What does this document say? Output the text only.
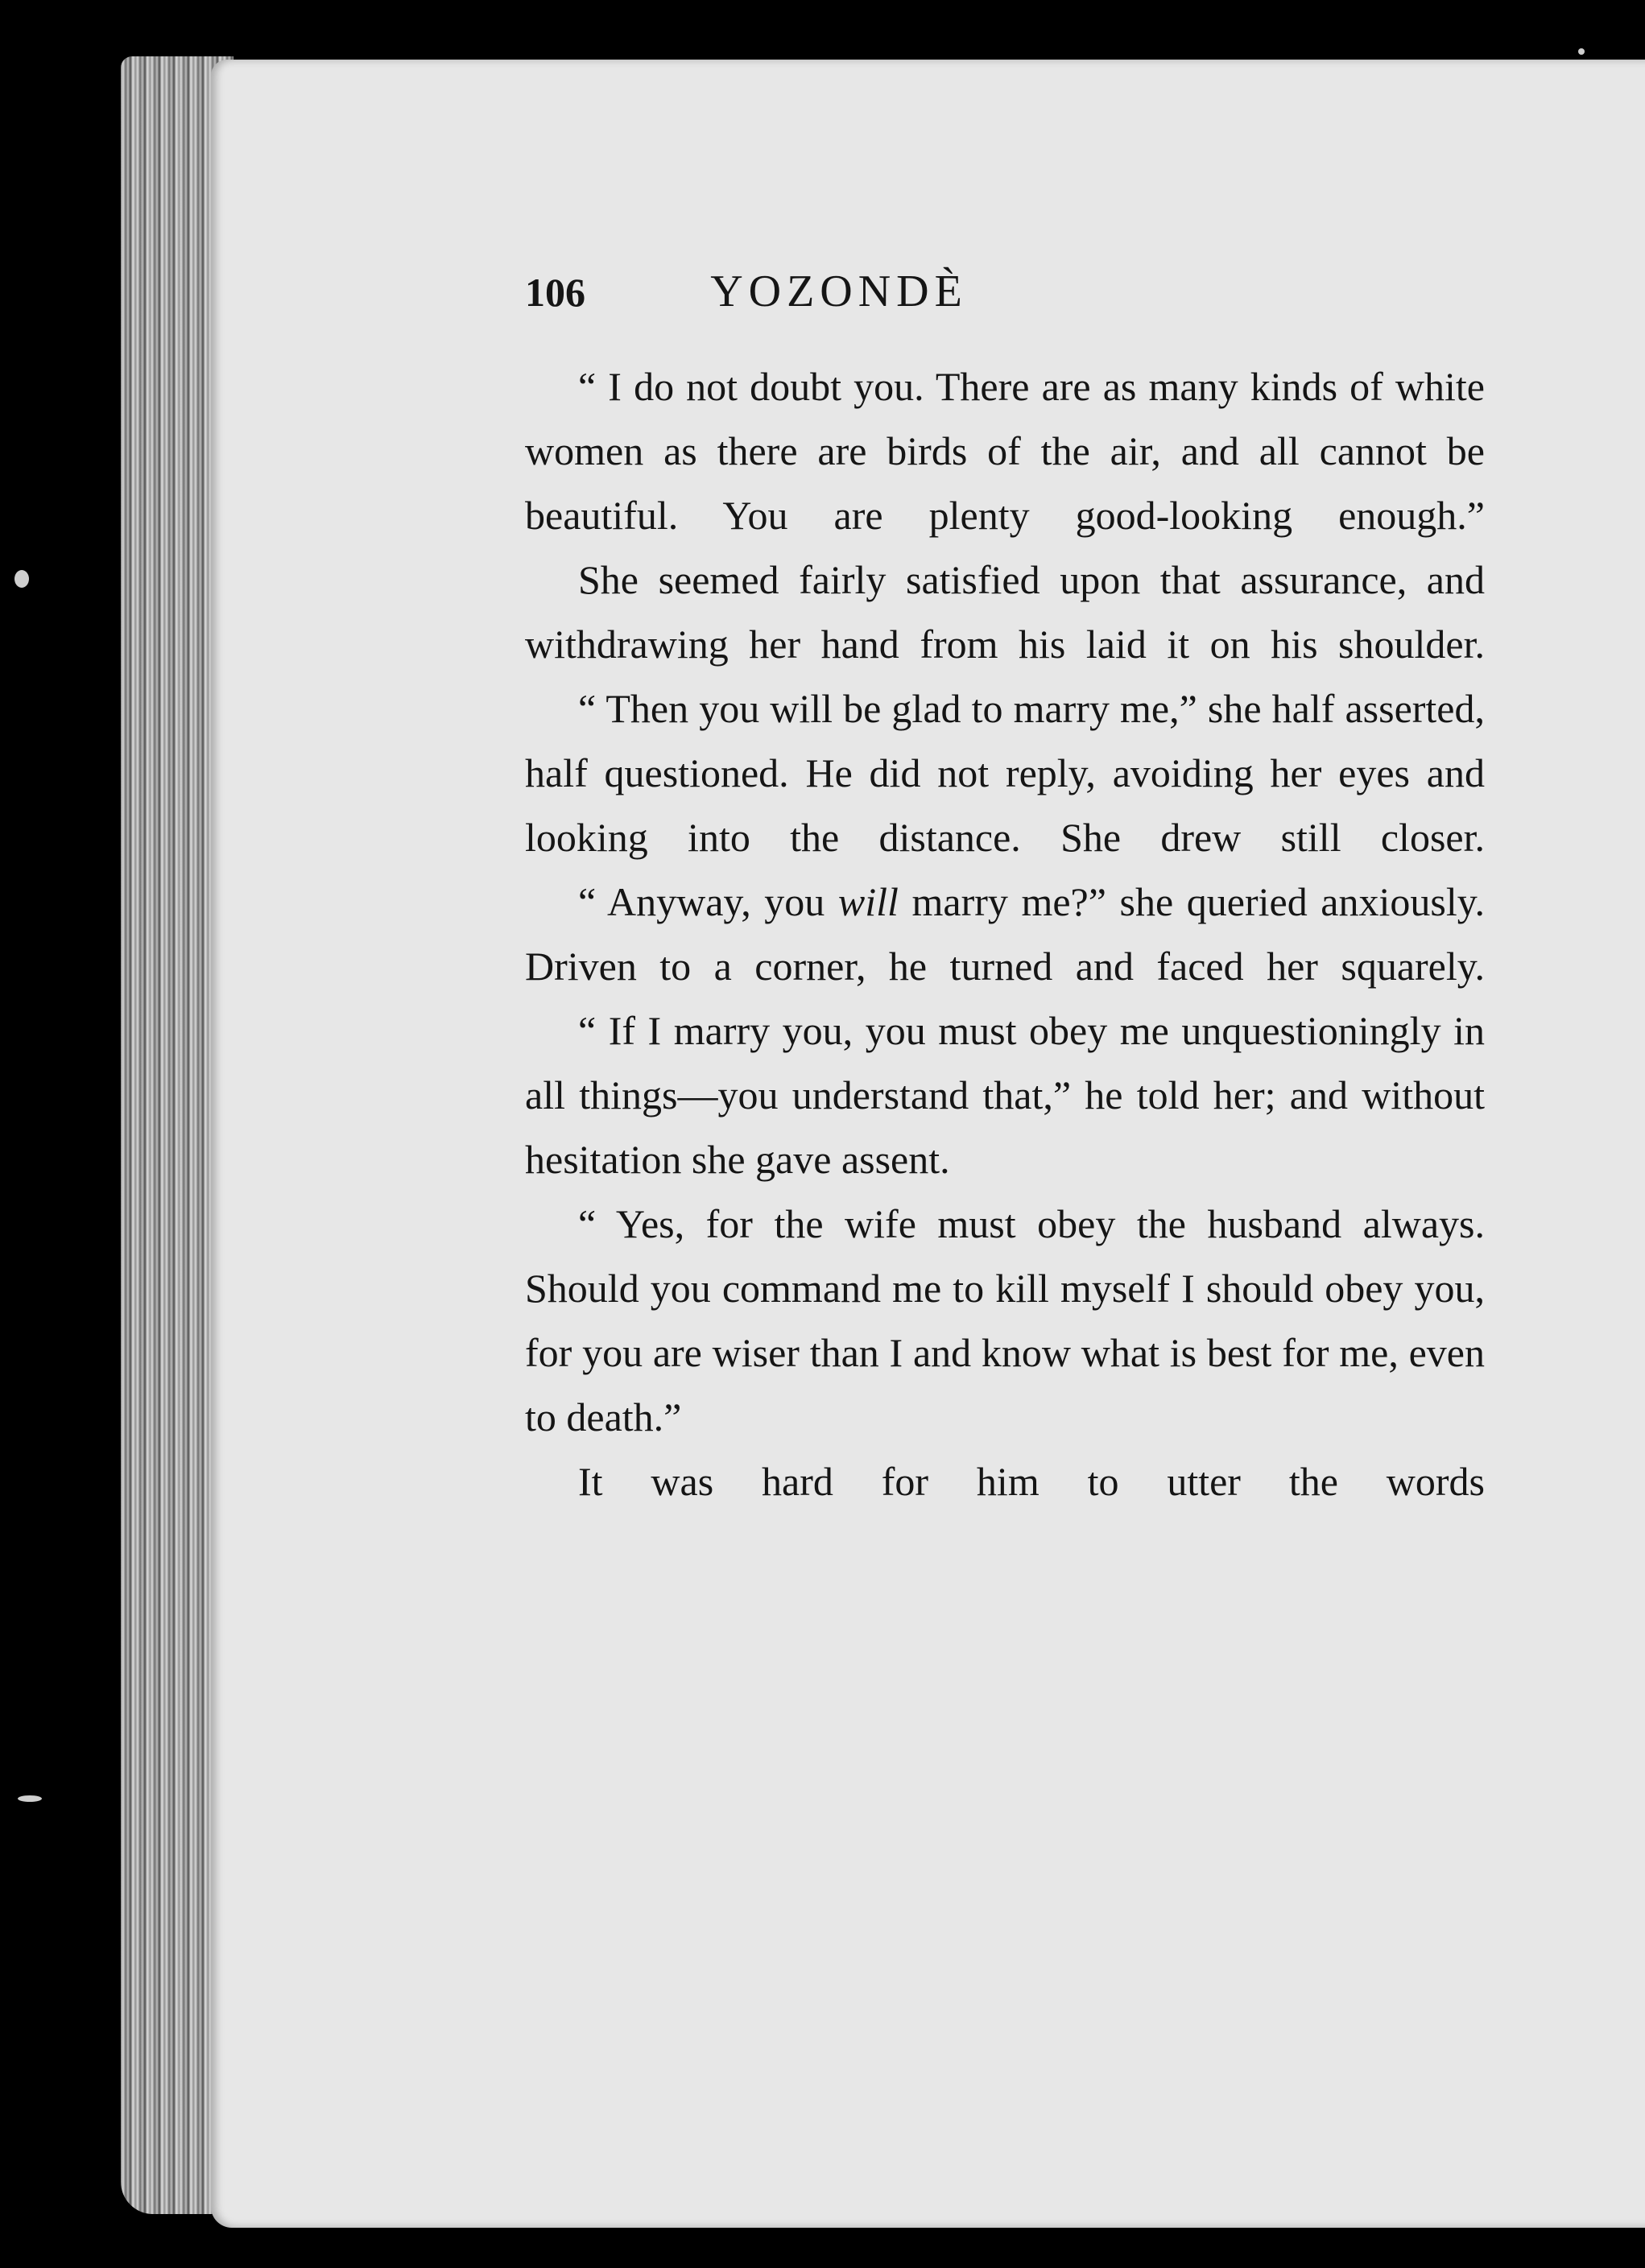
106	YOZONDÈ

“ I do not doubt you. There are as many kinds of white women as there are birds of the air, and all cannot be beautiful. You are plenty good-looking enough.”

She seemed fairly satisfied upon that assurance, and withdrawing her hand from his laid it on his shoulder.

“ Then you will be glad to marry me,” she half asserted, half questioned. He did not reply, avoiding her eyes and looking into the distance. She drew still closer.

“ Anyway, you will marry me?” she queried anxiously. Driven to a corner, he turned and faced her squarely.

“ If I marry you, you must obey me unquestioningly in all things—you understand that,” he told her; and without hesitation she gave assent.

“ Yes, for the wife must obey the husband always. Should you command me to kill myself I should obey you, for you are wiser than I and know what is best for me, even to death.”

It was hard for him to utter the words
